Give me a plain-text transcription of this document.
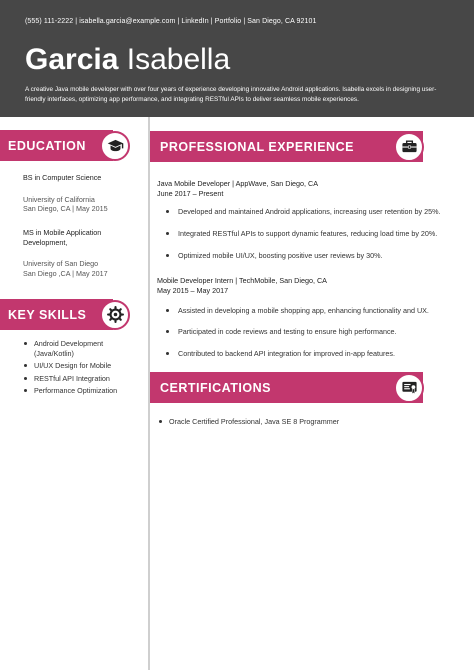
(555) 111-2222 | isabella.garcia@example.com | LinkedIn | Portfolio | San Diego, CA 92101
Garcia Isabella
A creative Java mobile developer with over four years of experience developing innovative Android applications. Isabella excels in designing user-friendly interfaces, optimizing app performance, and integrating RESTful APIs to deliver seamless mobile experiences.
EDUCATION
BS in Computer Science
University of California
San Diego, CA | May 2015
MS in Mobile Application Development,
University of San Diego
San Diego ,CA | May 2017
KEY SKILLS
Android Development (Java/Kotlin)
UI/UX Design for Mobile
RESTful API Integration
Performance Optimization
PROFESSIONAL EXPERIENCE
Java Mobile Developer | AppWave, San Diego, CA
June 2017 – Present
Developed and maintained Android applications, increasing user retention by 25%.
Integrated RESTful APIs to support dynamic features, reducing load time by 20%.
Optimized mobile UI/UX, boosting positive user reviews by 30%.
Mobile Developer Intern | TechMobile, San Diego, CA
May 2015 – May 2017
Assisted in developing a mobile shopping app, enhancing functionality and UX.
Participated in code reviews and testing to ensure high performance.
Contributed to backend API integration for improved in-app features.
CERTIFICATIONS
Oracle Certified Professional, Java SE 8 Programmer
